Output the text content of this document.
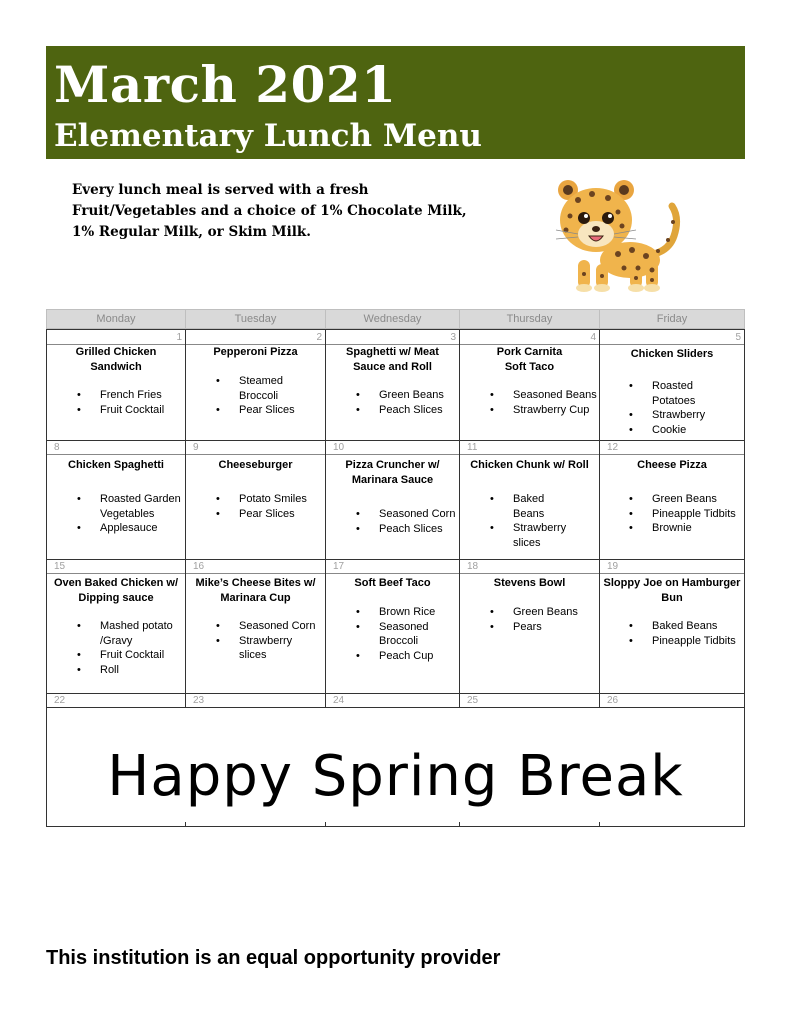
March 2021
Elementary Lunch Menu
Every lunch meal is served with a fresh
Fruit/Vegetables and a choice of 1% Chocolate Milk,
1% Regular Milk, or Skim Milk.
Monday	Tuesday	Wednesday	Thursday	Friday
1
Grilled Chicken Sandwich
• French Fries
• Fruit Cocktail
2
Pepperoni Pizza
• Steamed Broccoli
• Pear Slices
3
Spaghetti w/ Meat Sauce and Roll
• Green Beans
• Peach Slices
4
Pork Carnita Soft Taco
• Seasoned Beans
• Strawberry Cup
5
Chicken Sliders
• Roasted Potatoes
• Strawberry
• Cookie
8
Chicken Spaghetti
• Roasted Garden Vegetables
• Applesauce
9
Cheeseburger
• Potato Smiles
• Pear Slices
10
Pizza Cruncher w/ Marinara Sauce
• Seasoned Corn
• Peach Slices
11
Chicken Chunk w/ Roll
• Baked Beans
• Strawberry slices
12
Cheese Pizza
• Green Beans
• Pineapple Tidbits
• Brownie
15
Oven Baked Chicken w/ Dipping sauce
• Mashed potato /Gravy
• Fruit Cocktail
• Roll
16
Mike’s Cheese Bites w/ Marinara Cup
• Seasoned Corn
• Strawberry slices
17
Soft Beef Taco
• Brown Rice
• Seasoned Broccoli
• Peach Cup
18
Stevens Bowl
• Green Beans
• Pears
19
Sloppy Joe on Hamburger Bun
• Baked Beans
• Pineapple Tidbits
22	23	24	25	26
Happy Spring Break
This institution is an equal opportunity provider
